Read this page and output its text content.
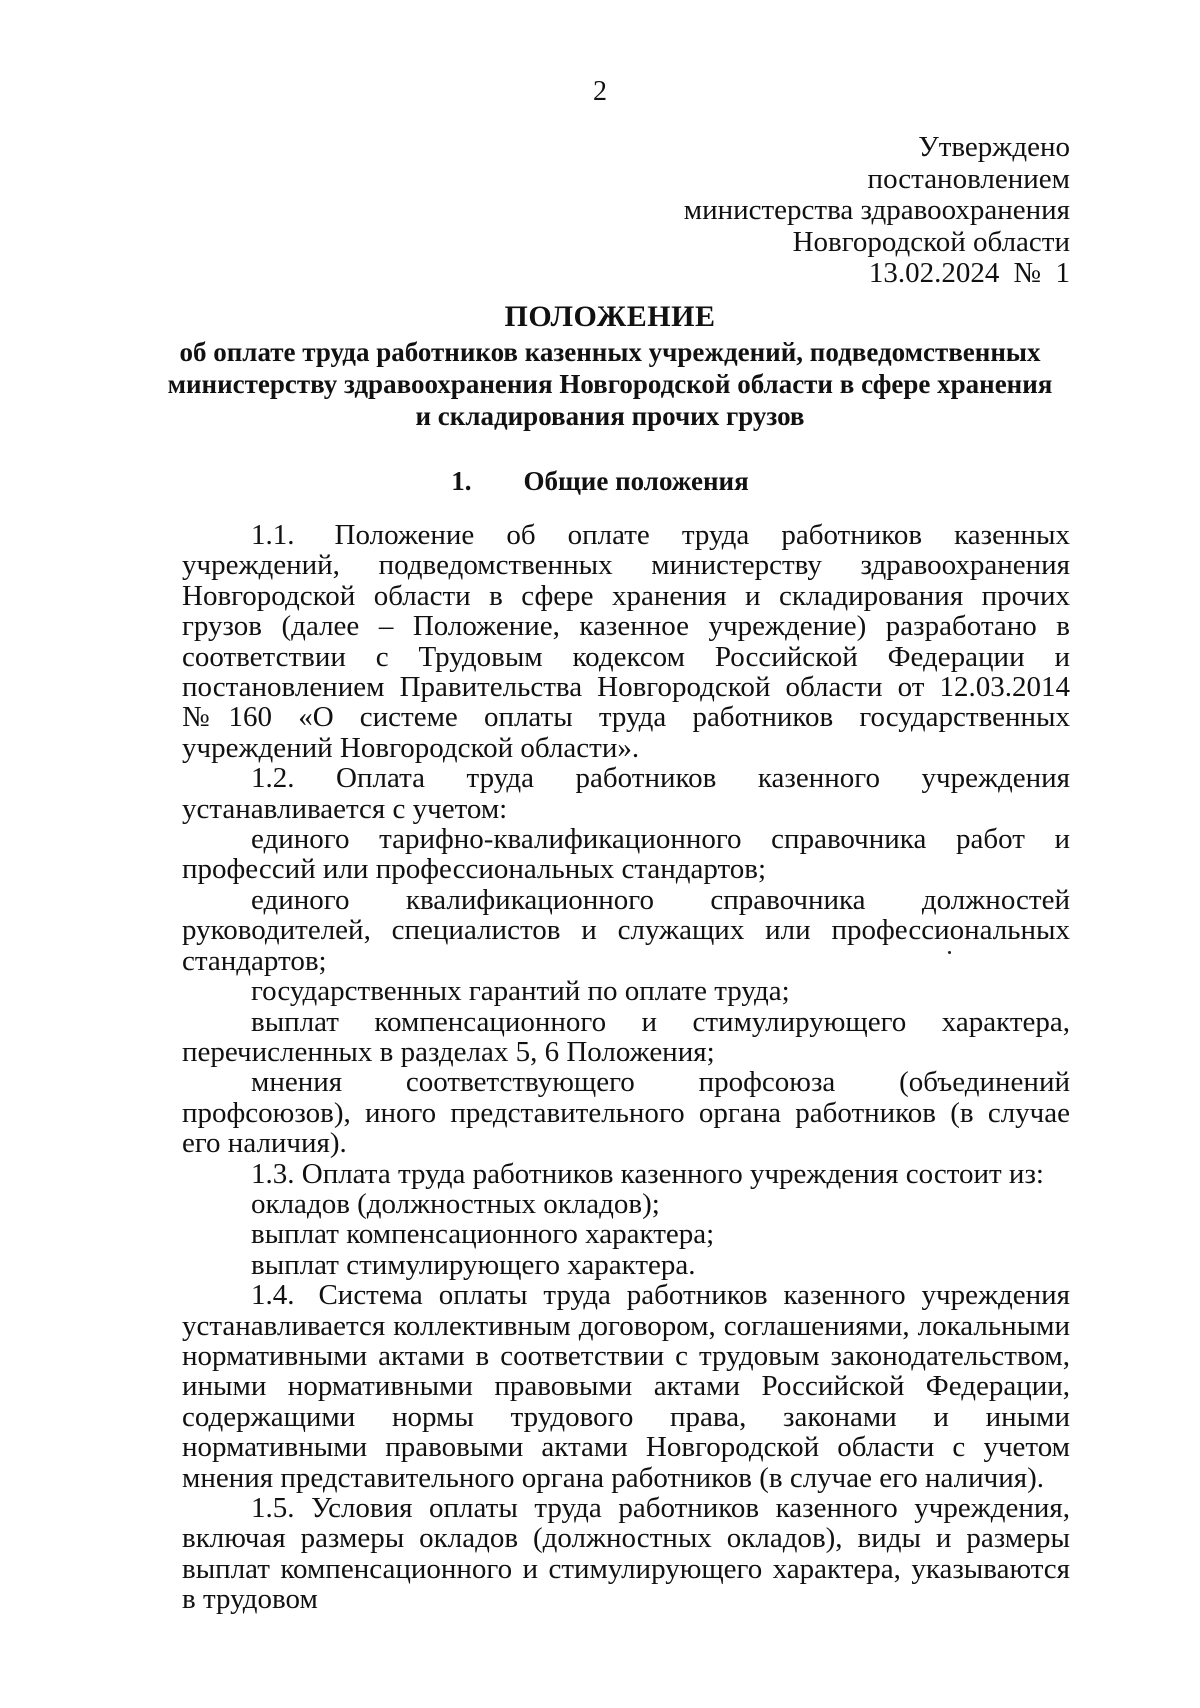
2
Утверждено
постановлением
министерства здравоохранения
Новгородской области
13.02.2024 № 1
ПОЛОЖЕНИЕ
об оплате труда работников казенных учреждений, подведомственных министерству здравоохранения Новгородской области в сфере хранения и складирования прочих грузов
1. Общие положения

1.1. Положение об оплате труда работников казенных учреждений, подведомственных министерству здравоохранения Новгородской области в сфере хранения и складирования прочих грузов (далее – Положение, казенное учреждение) разработано в соответствии с Трудовым кодексом Российской Федерации и постановлением Правительства Новгородской области от 12.03.2014 №160 «О системе оплаты труда работников государственных учреждений Новгородской области».

1.2. Оплата труда работников казенного учреждения устанавливается с учетом:

единого тарифно-квалификационного справочника работ и профессий или профессиональных стандартов;

единого квалификационного справочника должностей руководителей, специалистов и служащих или профессиональных стандартов;

государственных гарантий по оплате труда;

выплат компенсационного и стимулирующего характера, перечисленных в разделах 5, 6 Положения;

мнения соответствующего профсоюза (объединений профсоюзов), иного представительного органа работников (в случае его наличия).

1.3. Оплата труда работников казенного учреждения состоит из:

окладов (должностных окладов);

выплат компенсационного характера;

выплат стимулирующего характера.

1.4. Система оплаты труда работников казенного учреждения устанавливается коллективным договором, соглашениями, локальными нормативными актами в соответствии с трудовым законодательством, иными нормативными правовыми актами Российской Федерации, содержащими нормы трудового права, законами и иными нормативными правовыми актами Новгородской области с учетом мнения представительного органа работников (в случае его наличия).

1.5. Условия оплаты труда работников казенного учреждения, включая размеры окладов (должностных окладов), виды и размеры выплат компенсационного и стимулирующего характера, указываются в трудовом
